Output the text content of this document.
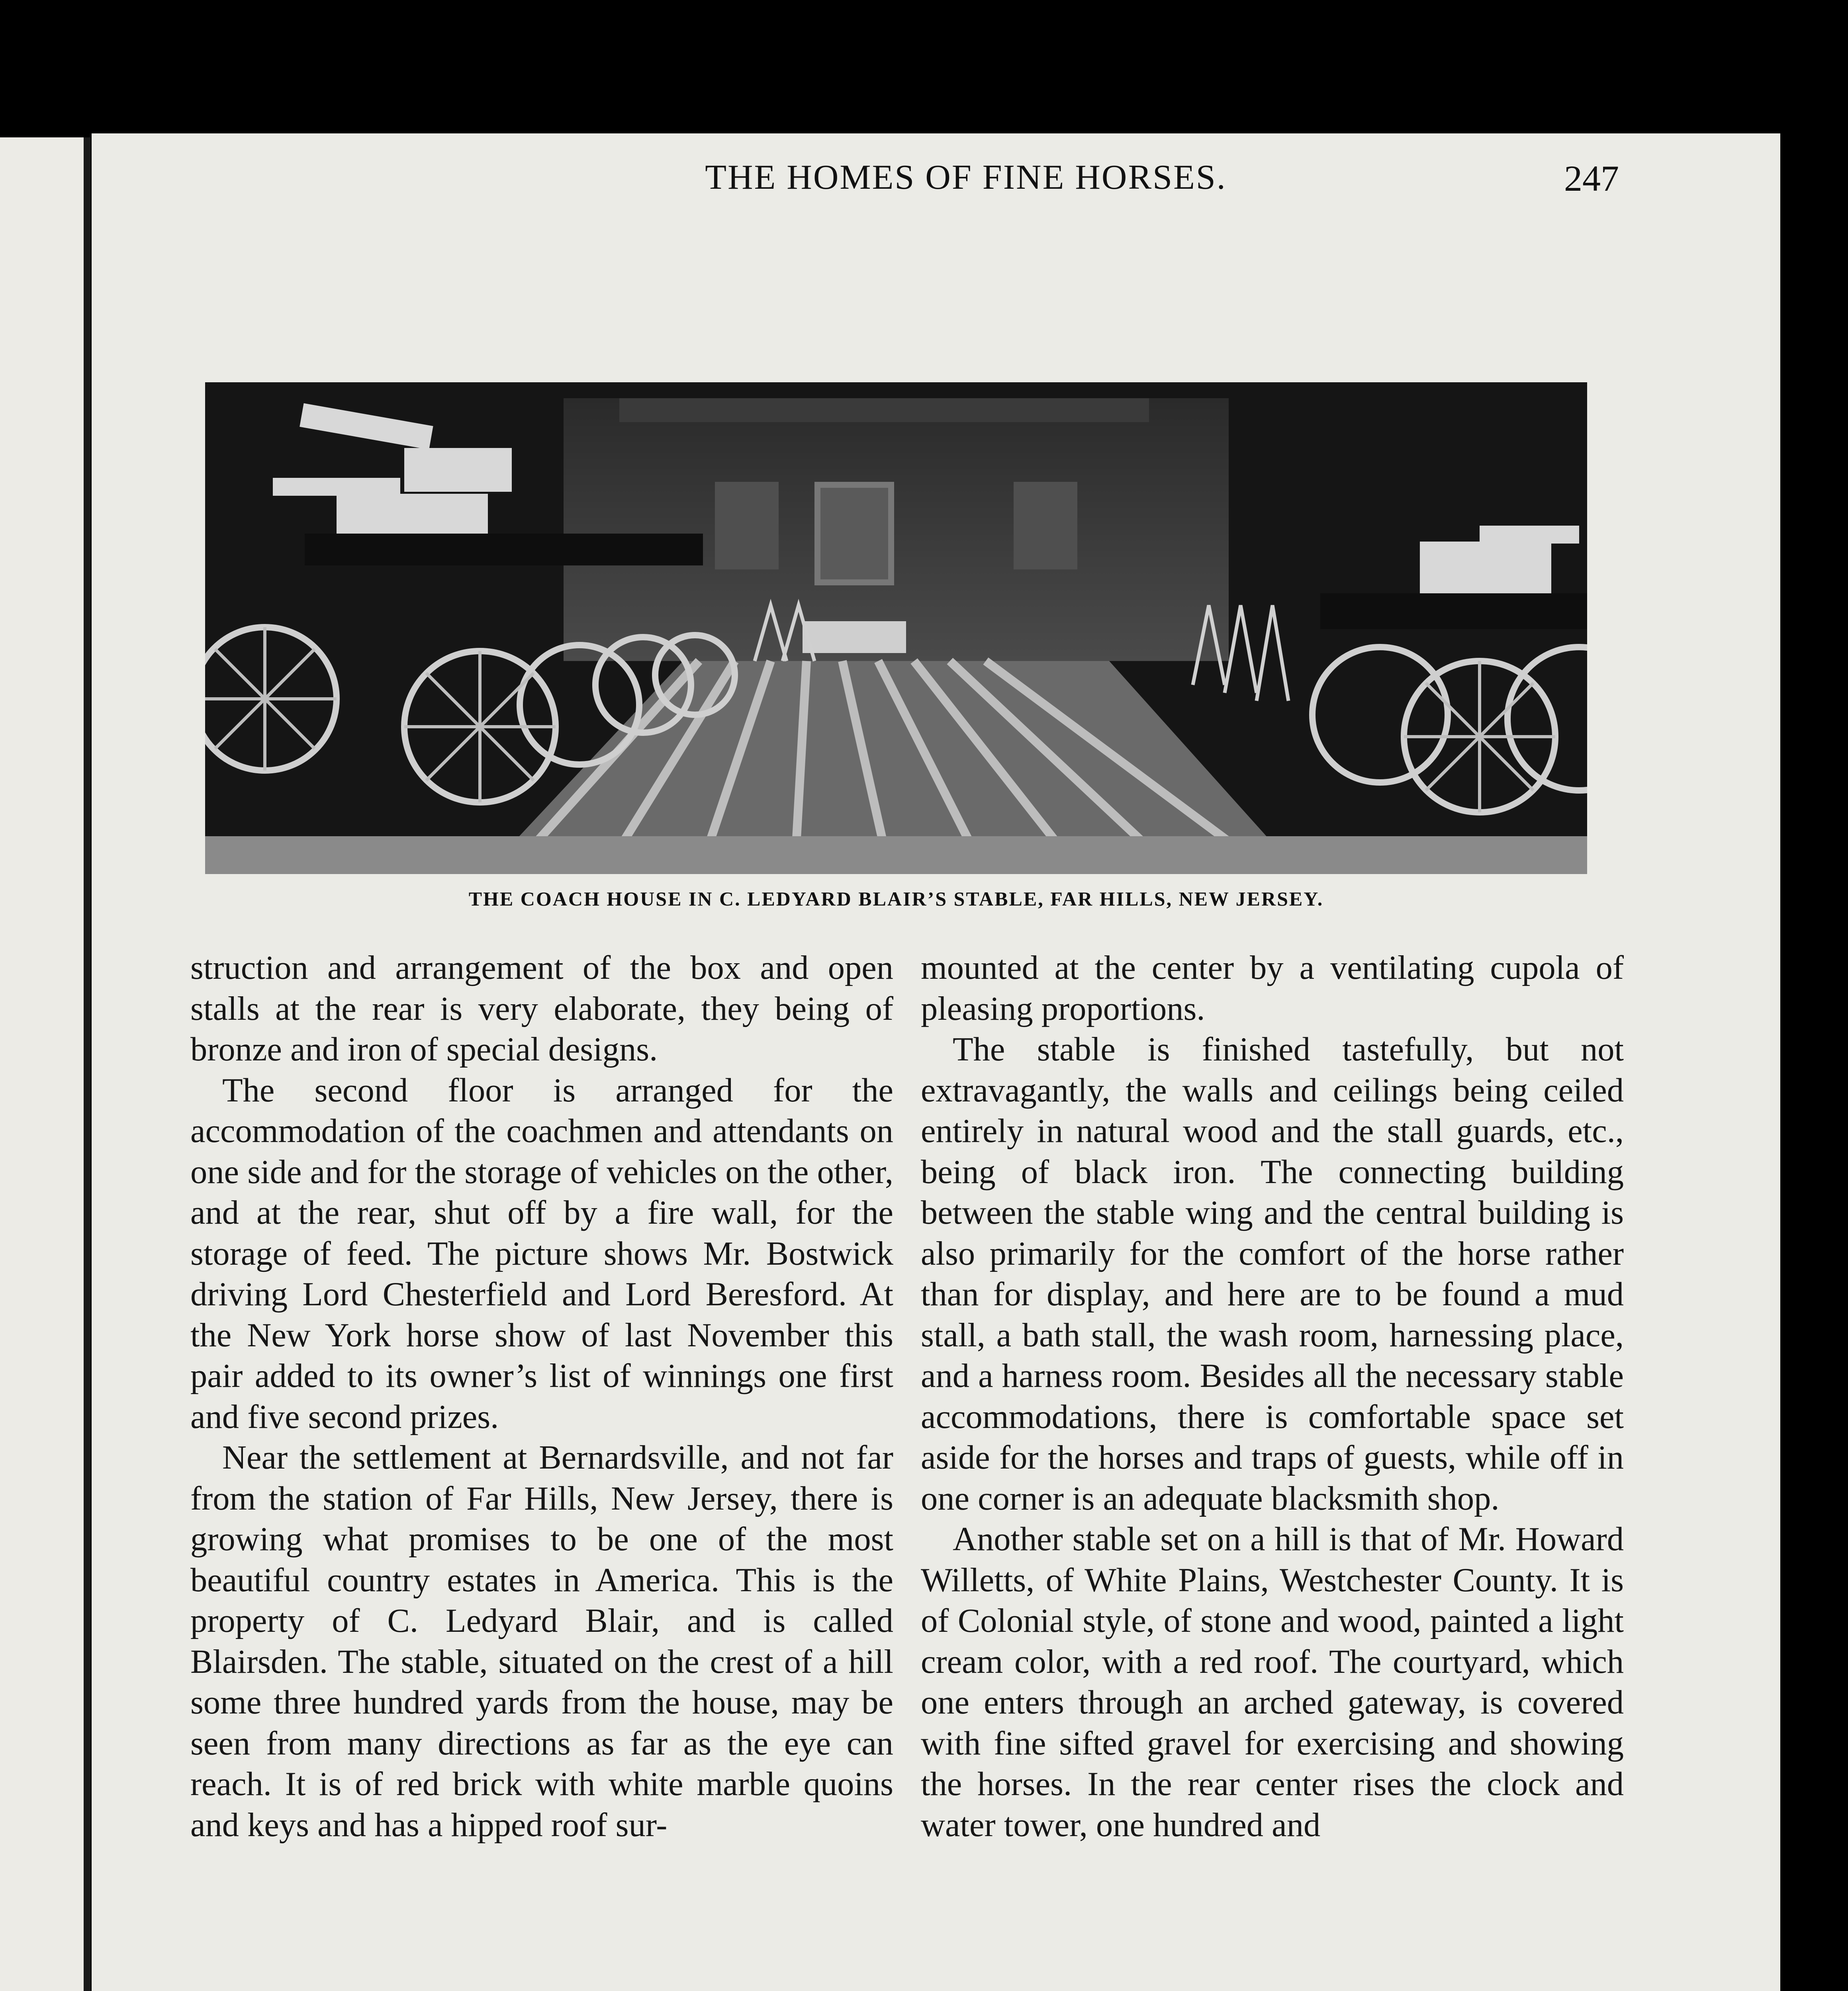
THE HOMES OF FINE HORSES.	247
THE COACH HOUSE IN C. LEDYARD BLAIR’S STABLE, FAR HILLS, NEW JERSEY.

struction and arrangement of the box and open stalls at the rear is very elaborate, they being of bronze and iron of special designs.

The second floor is arranged for the accommodation of the coachmen and attendants on one side and for the storage of vehicles on the other, and at the rear, shut off by a fire wall, for the storage of feed. The picture shows Mr. Bostwick driving Lord Chesterfield and Lord Beresford. At the New York horse show of last November this pair added to its owner’s list of winnings one first and five second prizes.

Near the settlement at Bernardsville, and not far from the station of Far Hills, New Jersey, there is growing what promises to be one of the most beautiful country estates in America. This is the property of C. Ledyard Blair, and is called Blairsden. The stable, situated on the crest of a hill some three hundred yards from the house, may be seen from many directions as far as the eye can reach. It is of red brick with white marble quoins and keys and has a hipped roof sur-

mounted at the center by a ventilating cupola of pleasing proportions.

The stable is finished tastefully, but not extravagantly, the walls and ceilings being ceiled entirely in natural wood and the stall guards, etc., being of black iron. The connecting building between the stable wing and the central building is also primarily for the comfort of the horse rather than for display, and here are to be found a mud stall, a bath stall, the wash room, harnessing place, and a harness room. Besides all the necessary stable accommodations, there is comfortable space set aside for the horses and traps of guests, while off in one corner is an adequate blacksmith shop.

Another stable set on a hill is that of Mr. Howard Willetts, of White Plains, Westchester County. It is of Colonial style, of stone and wood, painted a light cream color, with a red roof. The courtyard, which one enters through an arched gateway, is covered with fine sifted gravel for exercising and showing the horses. In the rear center rises the clock and water tower, one hundred and
